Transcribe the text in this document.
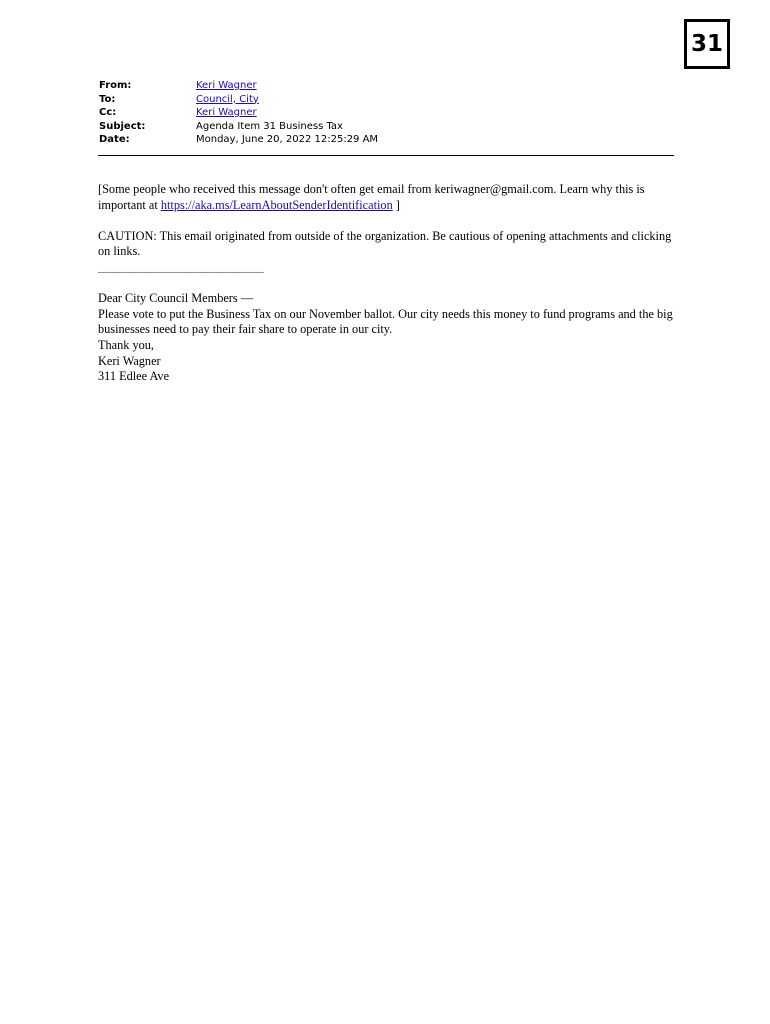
31
From:	Keri Wagner
To:	Council, City
Cc:	Keri Wagner
Subject:	Agenda Item 31 Business Tax
Date:	Monday, June 20, 2022 12:25:29 AM

[Some people who received this message don't often get email from keriwagner@gmail.com. Learn why this is important at https://aka.ms/LearnAboutSenderIdentification ]

CAUTION: This email originated from outside of the organization. Be cautious of opening attachments and clicking on links.

________________________________

Dear City Council Members —

Please vote to put the Business Tax on our November ballot. Our city needs this money to fund programs and the big businesses need to pay their fair share to operate in our city.

Thank you,

Keri Wagner

311 Edlee Ave
